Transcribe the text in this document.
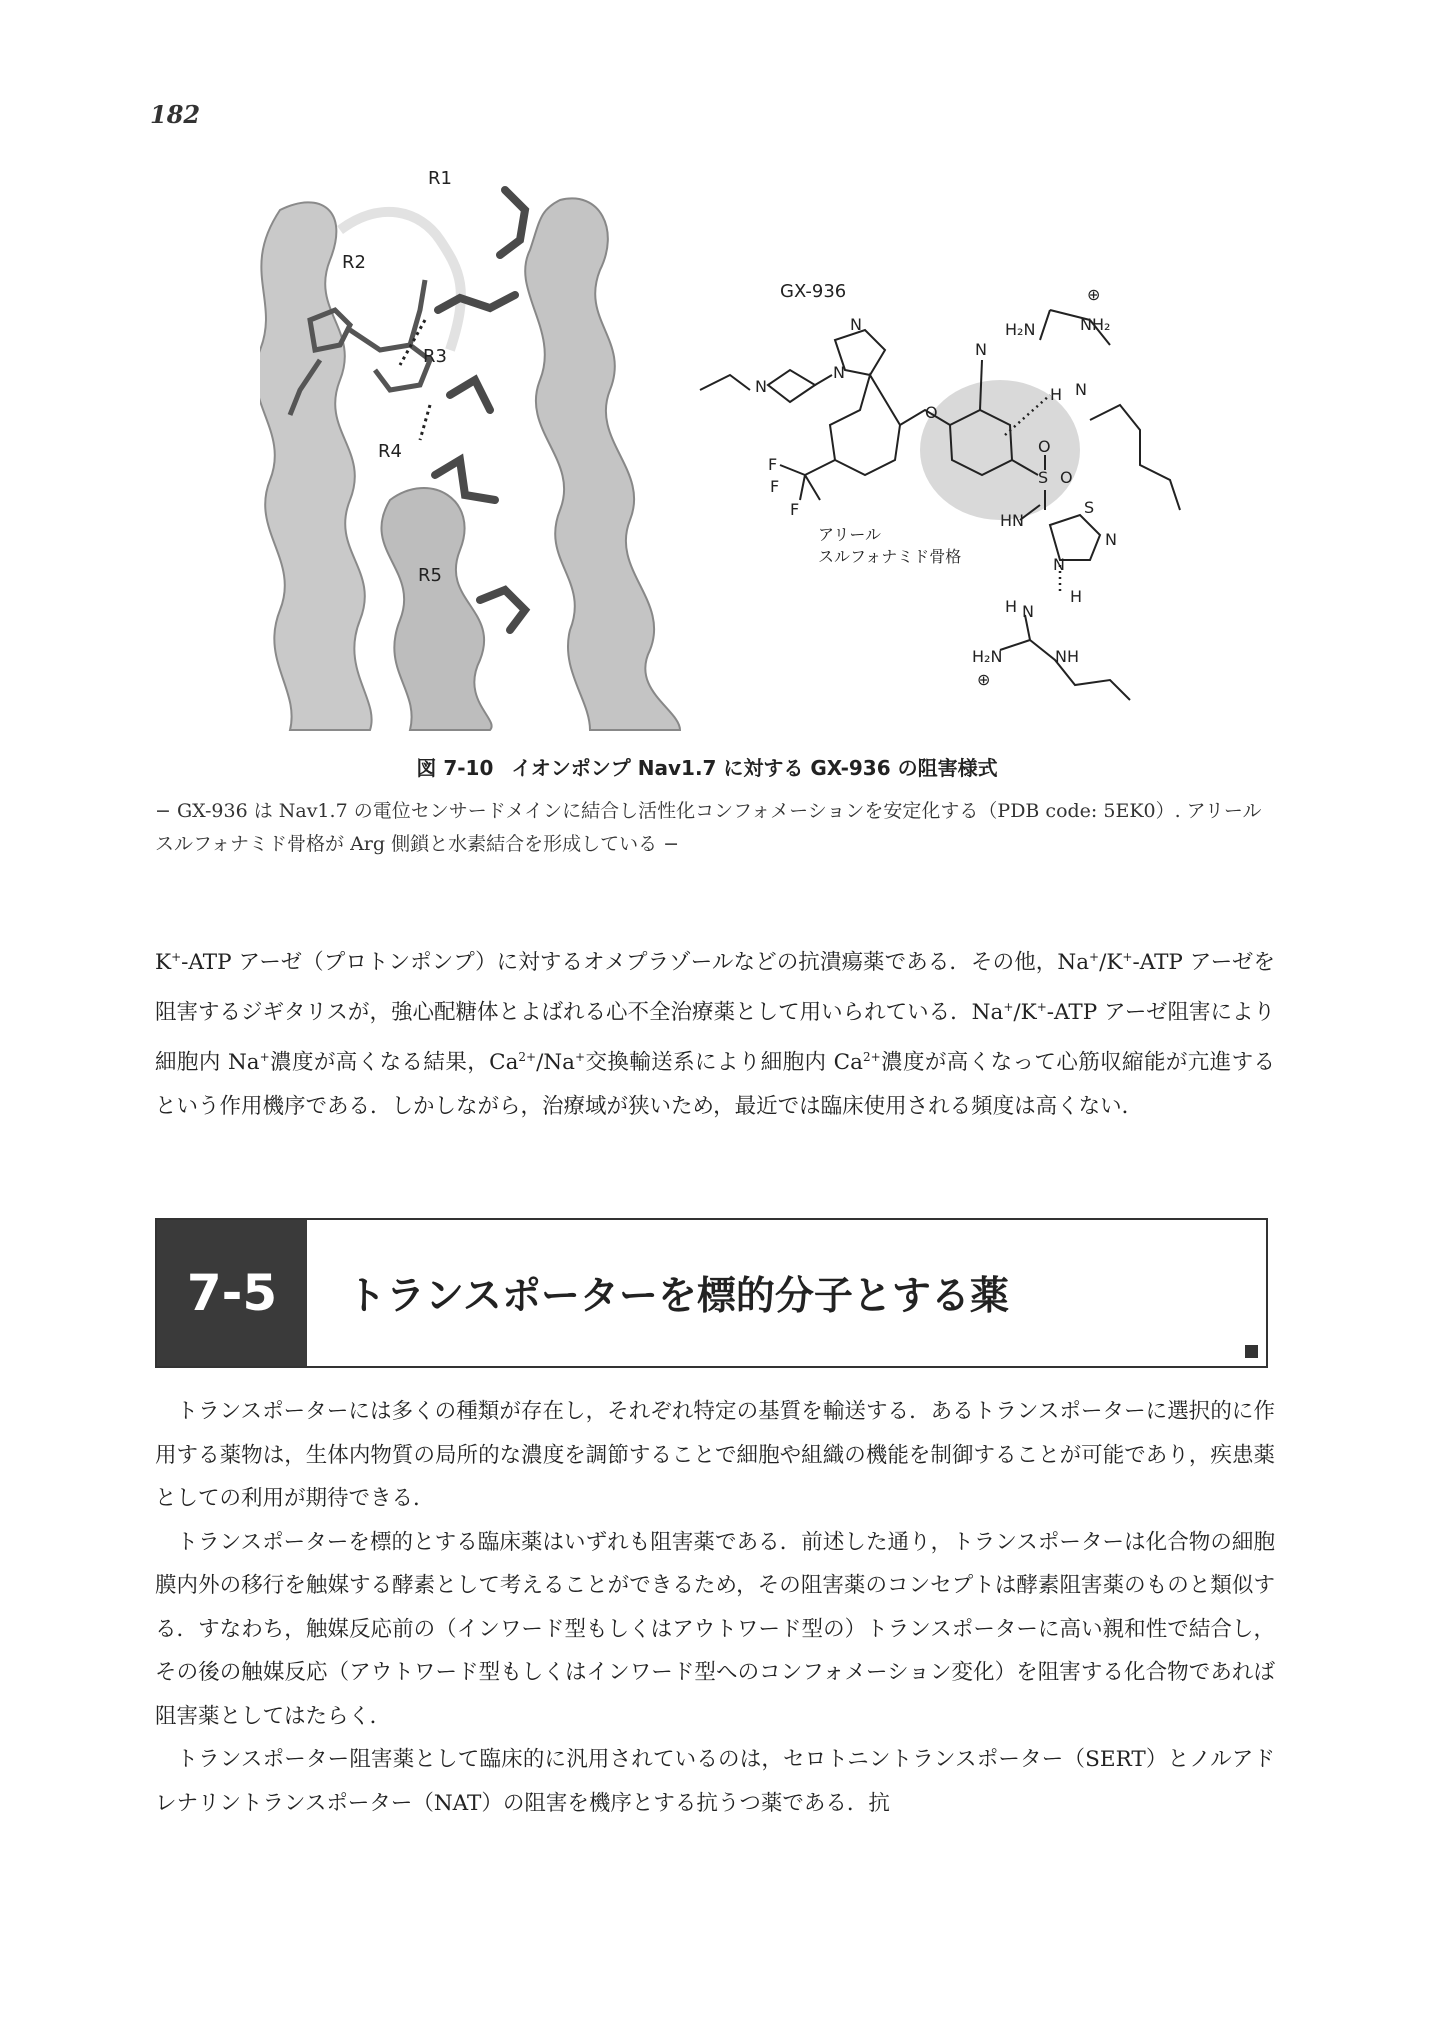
182
R1
R2
R3
R4
R5
GX-936
N
N
N
O
N
F
F
F
S
O
O
HN
S
N
N
H N
H₂N	NH₂
⊕
H
H N
H₂N	NH
⊕
アリール
スルフォナミド骨格
図 7-10 イオンポンプ Nav1.7 に対する GX-936 の阻害様式
− GX-936 は Nav1.7 の電位センサードメインに結合し活性化コンフォメーションを安定化する（PDB code: 5EK0）. アリールスルフォナミド骨格が Arg 側鎖と水素結合を形成している −
K+-ATP アーゼ（プロトンポンプ）に対するオメプラゾールなどの抗潰瘍薬である．その他，Na+/K+-ATP アーゼを阻害するジギタリスが，強心配糖体とよばれる心不全治療薬として用いられている．Na+/K+-ATP アーゼ阻害により細胞内 Na+濃度が高くなる結果，$Ca^{2+}/Na^+$交換輸送系により細胞内 $Ca^{2+}$濃度が高くなって心筋収縮能が亢進するという作用機序である．しかしながら，治療域が狭いため，最近では臨床使用される頻度は高くない．
7-5	トランスポーターを標的分子とする薬

トランスポーターには多くの種類が存在し，それぞれ特定の基質を輸送する．あるトランスポーターに選択的に作用する薬物は，生体内物質の局所的な濃度を調節することで細胞や組織の機能を制御することが可能であり，疾患薬としての利用が期待できる．

トランスポーターを標的とする臨床薬はいずれも阻害薬である．前述した通り，トランスポーターは化合物の細胞膜内外の移行を触媒する酵素として考えることができるため，その阻害薬のコンセプトは酵素阻害薬のものと類似する．すなわち，触媒反応前の（インワード型もしくはアウトワード型の）トランスポーターに高い親和性で結合し，その後の触媒反応（アウトワード型もしくはインワード型へのコンフォメーション変化）を阻害する化合物であれば阻害薬としてはたらく．

トランスポーター阻害薬として臨床的に汎用されているのは，セロトニントランスポーター（SERT）とノルアドレナリントランスポーター（NAT）の阻害を機序とする抗うつ薬である．抗
